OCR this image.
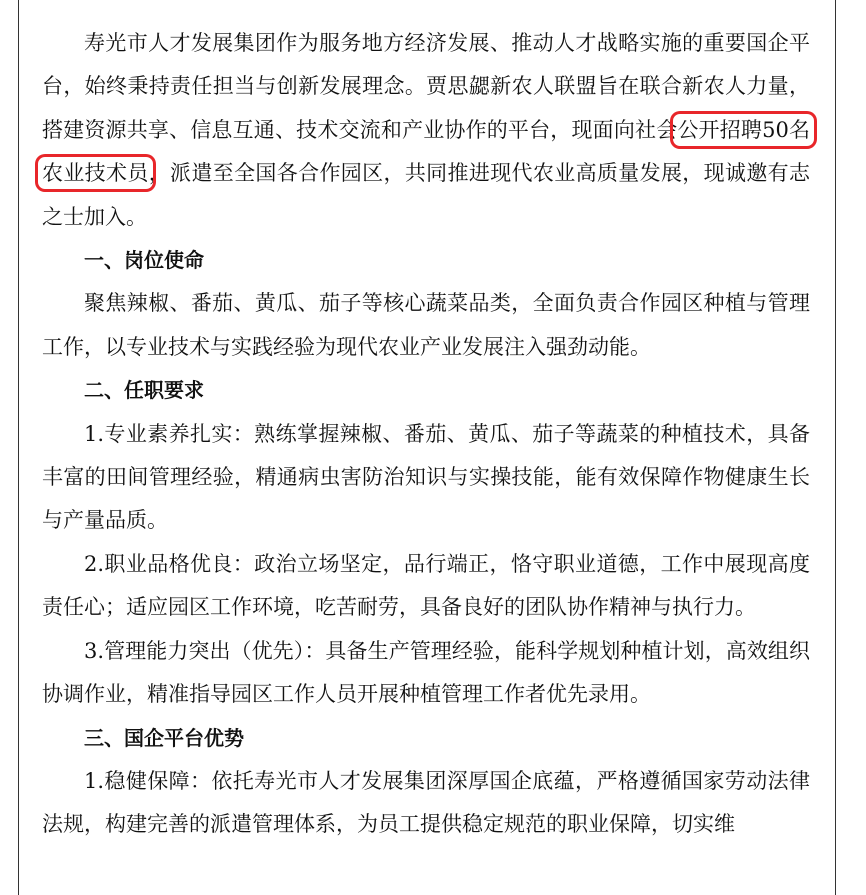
寿光市人才发展集团作为服务地方经济发展、推动人才战略实施的重要国企平台，始终秉持责任担当与创新发展理念。贾思勰新农人联盟旨在联合新农人力量，搭建资源共享、信息互通、技术交流和产业协作的平台，现面向社会公开招聘50名农业技术员，派遣至全国各合作园区，共同推进现代农业高质量发展，现诚邀有志之士加入。

一、岗位使命

聚焦辣椒、番茄、黄瓜、茄子等核心蔬菜品类，全面负责合作园区种植与管理工作，以专业技术与实践经验为现代农业产业发展注入强劲动能。

二、任职要求

1.专业素养扎实：熟练掌握辣椒、番茄、黄瓜、茄子等蔬菜的种植技术，具备丰富的田间管理经验，精通病虫害防治知识与实操技能，能有效保障作物健康生长与产量品质。

2.职业品格优良：政治立场坚定，品行端正，恪守职业道德，工作中展现高度责任心；适应园区工作环境，吃苦耐劳，具备良好的团队协作精神与执行力。

3.管理能力突出（优先）：具备生产管理经验，能科学规划种植计划，高效组织协调作业，精准指导园区工作人员开展种植管理工作者优先录用。

三、国企平台优势

1.稳健保障：依托寿光市人才发展集团深厚国企底蕴，严格遵循国家劳动法律法规，构建完善的派遣管理体系，为员工提供稳定规范的职业保障，切实维
